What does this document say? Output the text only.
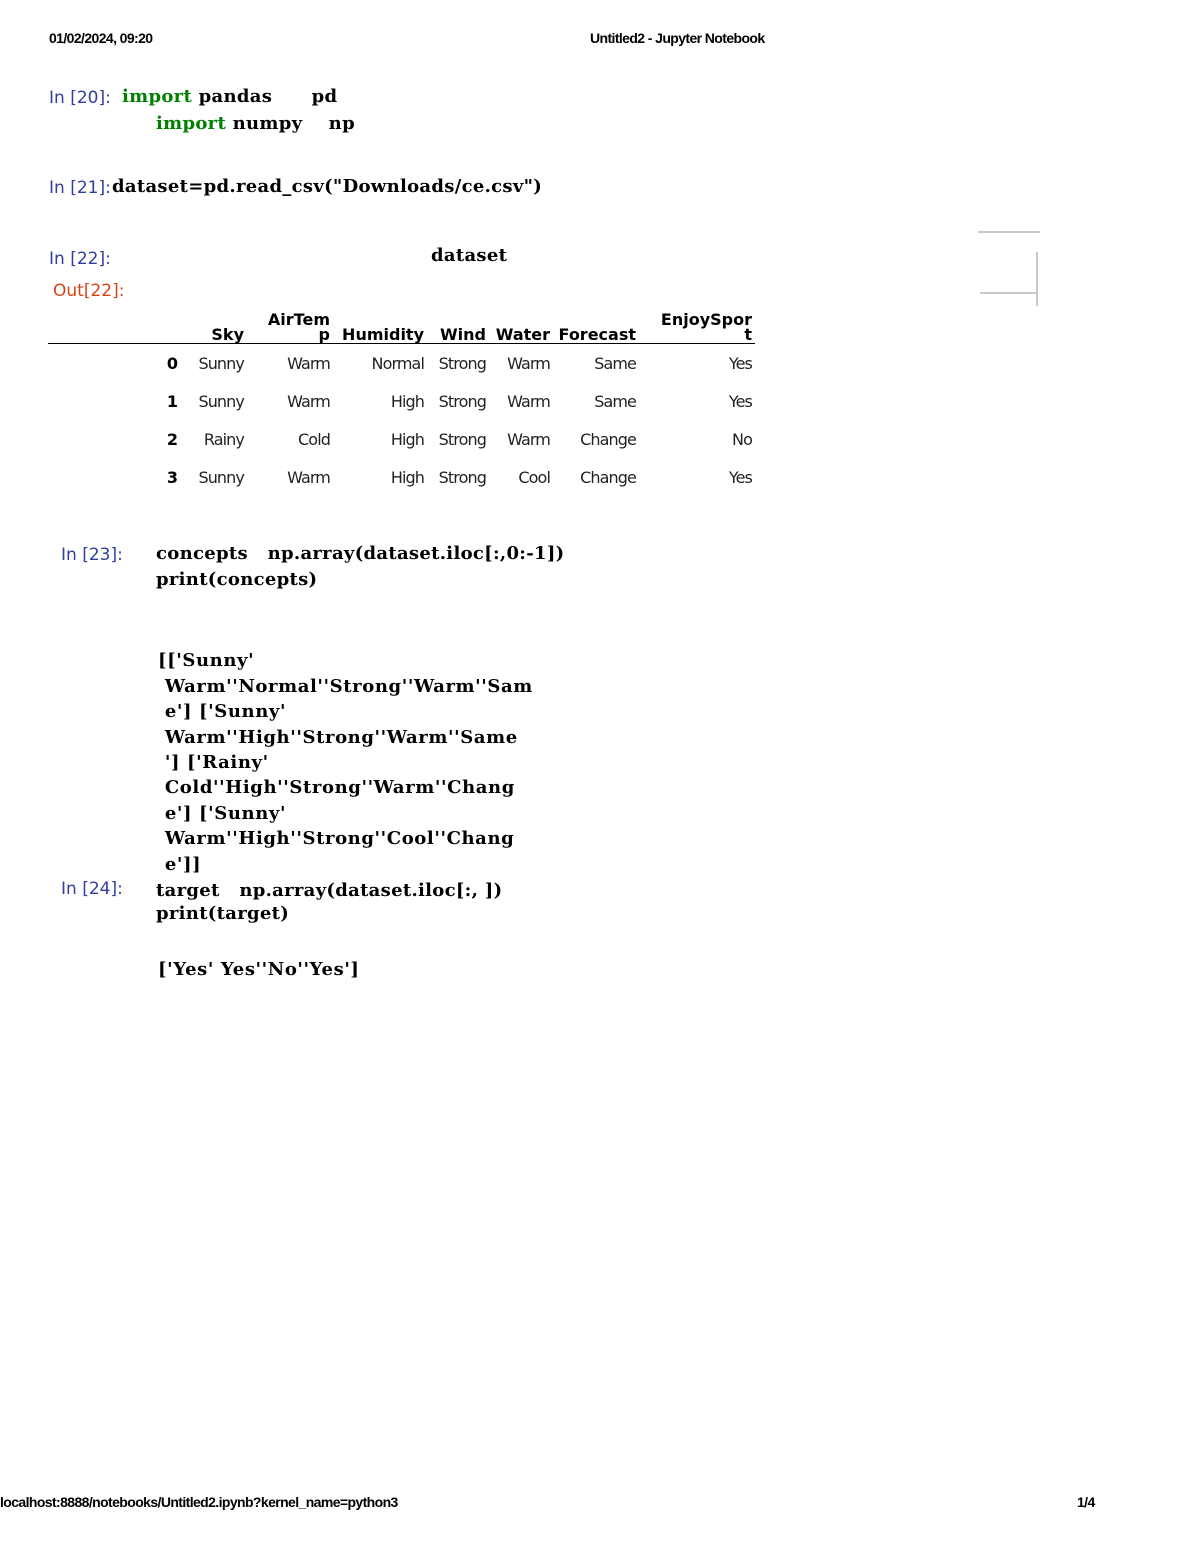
01/02/2024, 09:20	Untitled2 - Jupyter Notebook
In [20]: import pandas      pd
import numpy    np
In [21]: dataset=pd.read_csv("Downloads/ce.csv")
In [22]:	dataset
Out[22]:
	Sky	AirTem
p	Humidity	Wind	Water	Forecast	EnjoySpor
t
0	Sunny	Warm	Normal	Strong	Warm	Same	Yes
1	Sunny	Warm	High	Strong	Warm	Same	Yes
2	Rainy	Cold	High	Strong	Warm	Change	No
3	Sunny	Warm	High	Strong	Cool	Change	Yes
In [23]: concepts   np.array(dataset.iloc[:,0:-1])
print(concepts)

[['Sunny'
Warm''Normal''Strong''Warm''Sam
e'] ['Sunny'
Warm''High''Strong''Warm''Same
'] ['Rainy'
Cold''High''Strong''Warm''Chang
e'] ['Sunny'
Warm''High''Strong''Cool''Chang
e']]

In [24]: target   np.array(dataset.iloc[:, ])
print(target)
['Yes' Yes''No''Yes']
localhost:8888/notebooks/Untitled2.ipynb?kernel_name=python3	1/4
